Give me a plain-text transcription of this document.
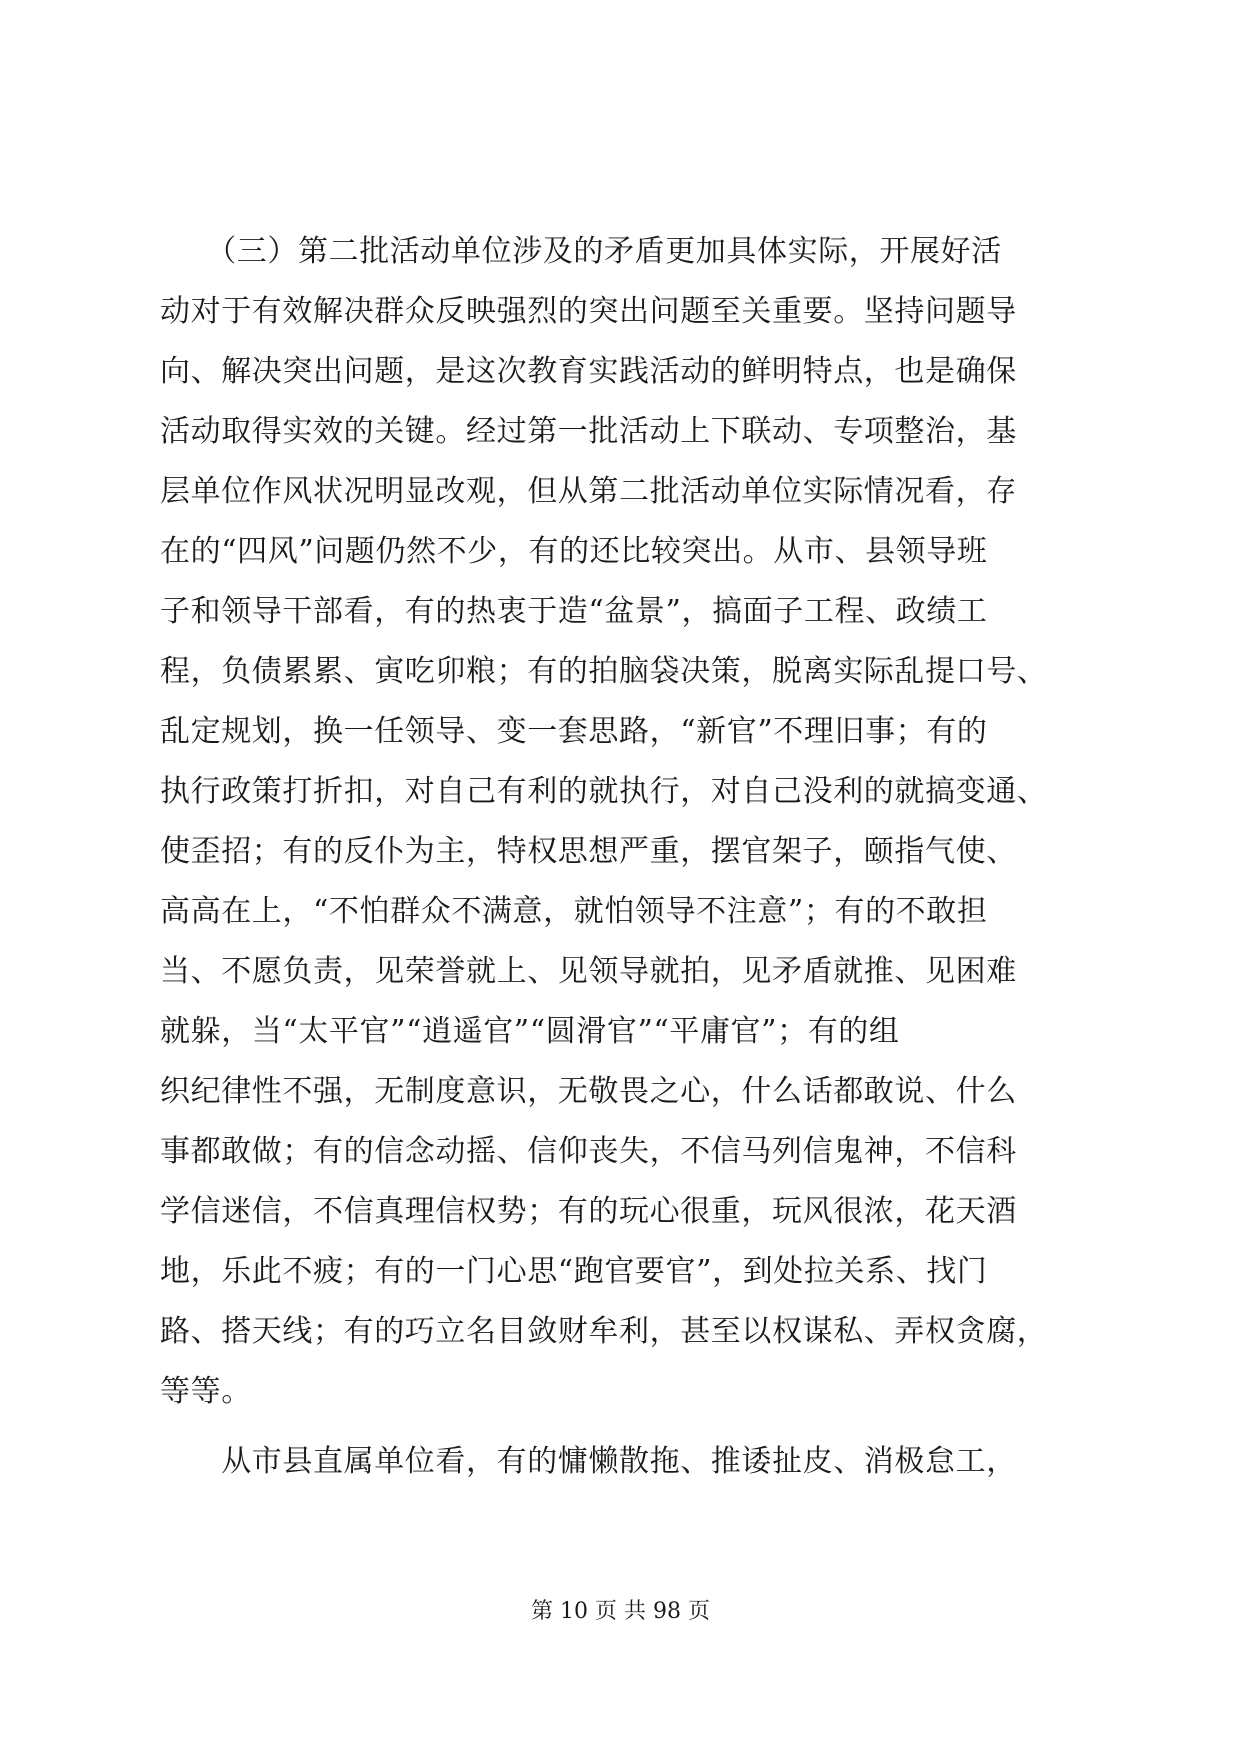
　　（三）第二批活动单位涉及的矛盾更加具体实际，开展好活
动对于有效解决群众反映强烈的突出问题至关重要。坚持问题导
向、解决突出问题，是这次教育实践活动的鲜明特点，也是确保
活动取得实效的关键。经过第一批活动上下联动、专项整治，基
层单位作风状况明显改观，但从第二批活动单位实际情况看，存
在的“四风”问题仍然不少，有的还比较突出。从市、县领导班
子和领导干部看，有的热衷于造“盆景”，搞面子工程、政绩工
程，负债累累、寅吃卯粮；有的拍脑袋决策，脱离实际乱提口号、
乱定规划，换一任领导、变一套思路，“新官”不理旧事；有的
执行政策打折扣，对自己有利的就执行，对自己没利的就搞变通、
使歪招；有的反仆为主，特权思想严重，摆官架子，颐指气使、
高高在上，“不怕群众不满意，就怕领导不注意”；有的不敢担
当、不愿负责，见荣誉就上、见领导就拍，见矛盾就推、见困难
就躲，当“太平官”“逍遥官”“圆滑官”“平庸官”；有的组
织纪律性不强，无制度意识，无敬畏之心，什么话都敢说、什么
事都敢做；有的信念动摇、信仰丧失，不信马列信鬼神，不信科
学信迷信，不信真理信权势；有的玩心很重，玩风很浓，花天酒
地，乐此不疲；有的一门心思“跑官要官”，到处拉关系、找门
路、搭天线；有的巧立名目敛财牟利，甚至以权谋私、弄权贪腐，
等等。
　　从市县直属单位看，有的慵懒散拖、推诿扯皮、消极怠工，
第 10 页 共 98 页
